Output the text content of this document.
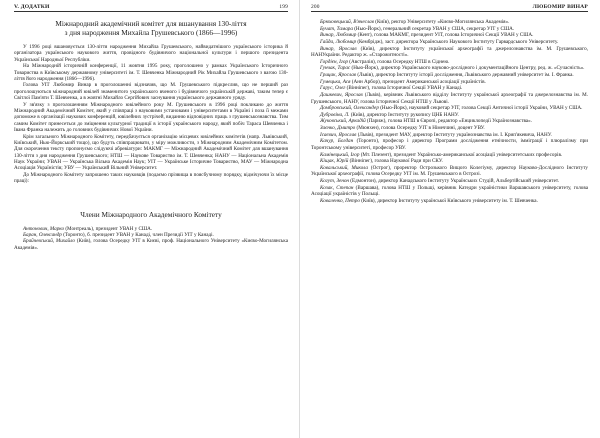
V. ДОДАТКИ	199
Міжнародний академічний комітет для вшанування 130-ліття
з дня народження Михайла Грушевського (1866—1996)

У 1996 році вшановується 130-ліття народження Михайла Грушевського, найвидатнішого українського історика й організатора українського наукового життя, провідного будівничого національної культури і першого президента Української Народньої Республіки.

На Міжнародній історичній конференції, 11 жовтня 1995 року, проголошено у рамках Українського Історичного Товариства в Київському державному університеті ім. Т. Шевченка Міжнародний Рік Михайла Грушевського з вагою 130-ліття його народження (1866—1996).

Голова УІТ Любомир Винар в проголошенні відзначив, що М. Грушевського підкреслив, що не перший раз проголошуються міжнародний ювілей знаменитого українського вченого і будівничого українській державі, таким тепер є Світлої Пам'яти Т. Шевченка, а в жовтні Михайло Сергійович заснування українського державного уряду.

У зв'язку з проголошенням Міжнародного ювілейного року М. Грушевського в 1996 році покликано до життя Міжнародний Академічний Комітет, який у співпраці з науковими установами і університетами в Україні і поза її межами допоможе в організації наукових конференцій, ювілейних зустрічей, виданню відповідних праць з грушевськознавства. Тим самим Комітет принесеться до зміцнення культурної традиції в історії українського народу, який побіч Тараса Шевченка і Івана Франка належить до головних будівничих Нової України.

Крім загального Міжнародного Комітету, передбачується організацію місцевих ювілейних комітетів (напр. Львівський, Київський, Нью-Йоркський тощо), що будуть співпрацювати, у міру можливости, з Міжнародним Академічним Комітетом. Для скорочення тексту пропонуємо слідуючі абревіатури: МАКМГ — Міжнародний Академічний Комітет для вшанування 130-ліття з дня народження Грушевського; НТШ — Наукове Товариство ім. Т. Шевченка; НАНУ — Національна Академія Наук України; УВАН — Українська Вільна Академія Наук; УІТ — Українське Історичне Товариство, МАУ — Міжнародна Асоціація Україністів; УВУ — Український Вільний Університет.

До Міжнародного Комітету запрошено таких науковців (подаємо прізвища в поясбучному порядку, відмічуючи їх місце праці):

Члени Міжнародного Академічного Комітету

Антонович, Марко (Монтреаль), президент УВАН у США.

Баран, Олександр (Торонто), б. президент УВАН у Канаді, член Президії УІТ у Канаді.

Брайчевський, Михайло (Київ), голова Осередку УІТ в Києві, проф. Національного Університету «Києво-Могилянська Академія».

200	ЛЮБОМИР ВИНАР

Брюховецький, В'ячеслав (Київ), ректор Університету «Києво-Могилянська Академія».

Бучат, Тамара (Нью-Йорк), генеральний секретар УВАН у США, секретар УІТ у США.

Винар, Любомир (Кент), голова МАКМГ, президент УІТ, голова Історичної Секції УВАН у США.

Гайда, Любомир (Кембрідж), заст. директора Українського Наукового Інституту Гарвардського Університету.

Винар, Ярослав (Київ), директор Інституту української археографії та джерелознавства ім. М. Грушевського, НАНУкраїни. Редактор ж. «Старожитності».

Гордієн, Ігор (Австралія), голова Осередку НТШ в Сіднею.

Гунчак, Тарас (Нью-Йорк), директор Українського науково-дослідного і документаційного Центру, ред. ж. «Сучасність».

Грицак, Ярослав (Львів), директор Інституту історії дослідження, Львівського державний університет ім. І. Франка.

Гумецька, Ася (Анн Арбор), президент Американської асоціації україністів.

Гарус, Олег (Вінніпег), голова Історичної Секції УВАН у Канаді.

Дашкевич, Ярослав (Львів), керівник Львівського відділу Інституту української археографії та джерелознавства ім. М. Грушевського, НАНУ, голова Історичної Секції НТШ у Львові.

Домбровський, Олександер (Нью-Йорк), науковий секретар УІТ, голова Секції Античної історії України, УВАН у США.

Дубровіна, Л. (Київ), директор Інституту рукопису ЦНБ НАНУ.

Жуковський, Аркадій (Париж), голова НТШ в Європі, редактор «Енциклопедії Українознавства».

Заєнко, Дмитро (Мюнхен), голова Осередку УІТ в Німеччині, доцент УВУ.

Ісаєвич, Ярослав (Львів), президент МАУ, директор Інституту українознавства ім. І. Крип'якевича, НАНУ.

Качур, Богдан (Торонто), професор і директор Програми дослідження етнічности, імміграції і плюралізму при Торонтському університеті, професор УВУ.

Камінецький, Ігор (Мт. Плезент), президент Українсько-американської асоціації університетських професорів.

Кіщак, Юрій (Вінніпег), голова Наукової Ради при СКУ.

Ковальський, Микола (Острог), проректор Острозького Вищого Колегіуму, директор Науково-Дослідного Інституту Української археографії, голова Осередку УІТ ім. М. Грушевського в Острозі.

Когут, Зенон (Едмонтон), директор Канадського Інституту Українських Студій, Альбертійський університет.

Козак, Степан (Варшава), голова НТШ у Польщі, керівник Катедри україністики Варшавського університету, голова Асоціації україністів у Польщі.

Коваленко, Петро (Київ), директор Інституту української Київського університету ім. Т. Шевченка.
